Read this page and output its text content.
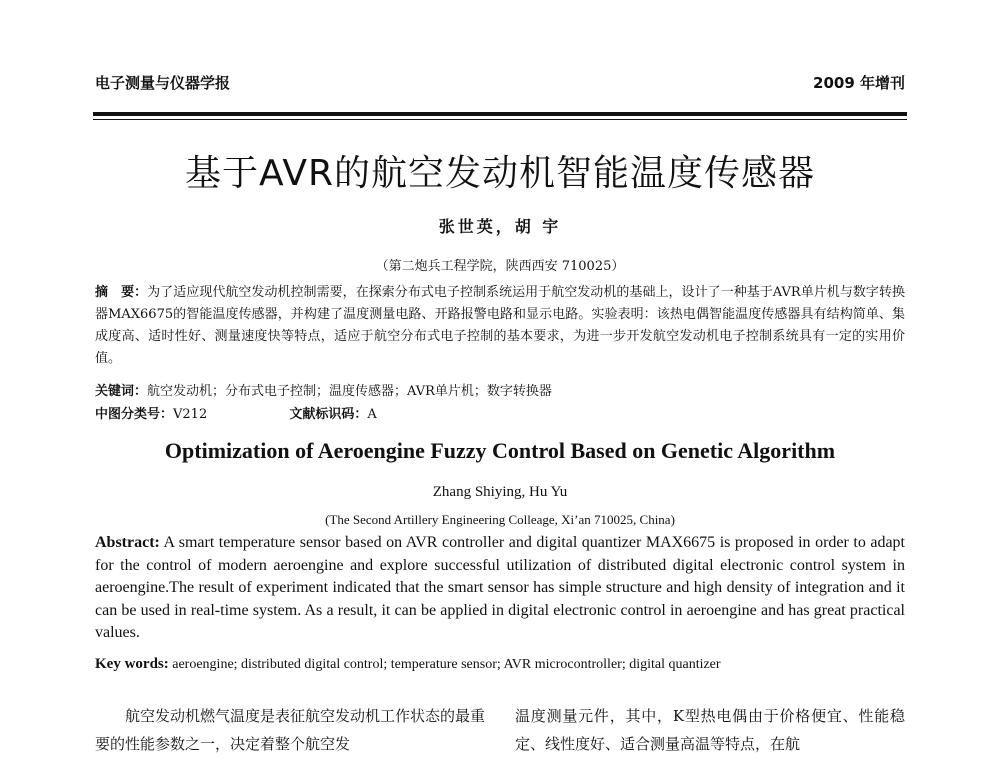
电子测量与仪器学报	2009 年增刊
基于AVR的航空发动机智能温度传感器
张世英，胡 宇
（第二炮兵工程学院，陕西西安 710025）
摘　要：为了适应现代航空发动机控制需要，在探索分布式电子控制系统运用于航空发动机的基础上，设计了一种基于AVR单片机与数字转换器MAX6675的智能温度传感器，并构建了温度测量电路、开路报警电路和显示电路。实验表明：该热电偶智能温度传感器具有结构简单、集成度高、适时性好、测量速度快等特点，适应于航空分布式电子控制的基本要求，为进一步开发航空发动机电子控制系统具有一定的实用价值。
关键词：航空发动机；分布式电子控制；温度传感器；AVR单片机；数字转换器
中图分类号：V212	文献标识码：A
Optimization of Aeroengine Fuzzy Control Based on Genetic Algorithm
Zhang Shiying, Hu Yu
(The Second Artillery Engineering Colleage, Xi’an 710025, China)
Abstract: A smart temperature sensor based on AVR controller and digital quantizer MAX6675 is proposed in order to adapt for the control of modern aeroengine and explore successful utilization of distributed digital electronic control system in aeroengine.The result of experiment indicated that the smart sensor has simple structure and high density of integration and it can be used in real-time system. As a result, it can be applied in digital electronic control in aeroengine and has great practical values.
Key words: aeroengine; distributed digital control; temperature sensor; AVR microcontroller; digital quantizer
航空发动机燃气温度是表征航空发动机工作状态的最重要的性能参数之一，决定着整个航空发
温度测量元件，其中，K型热电偶由于价格便宜、性能稳定、线性度好、适合测量高温等特点，在航
